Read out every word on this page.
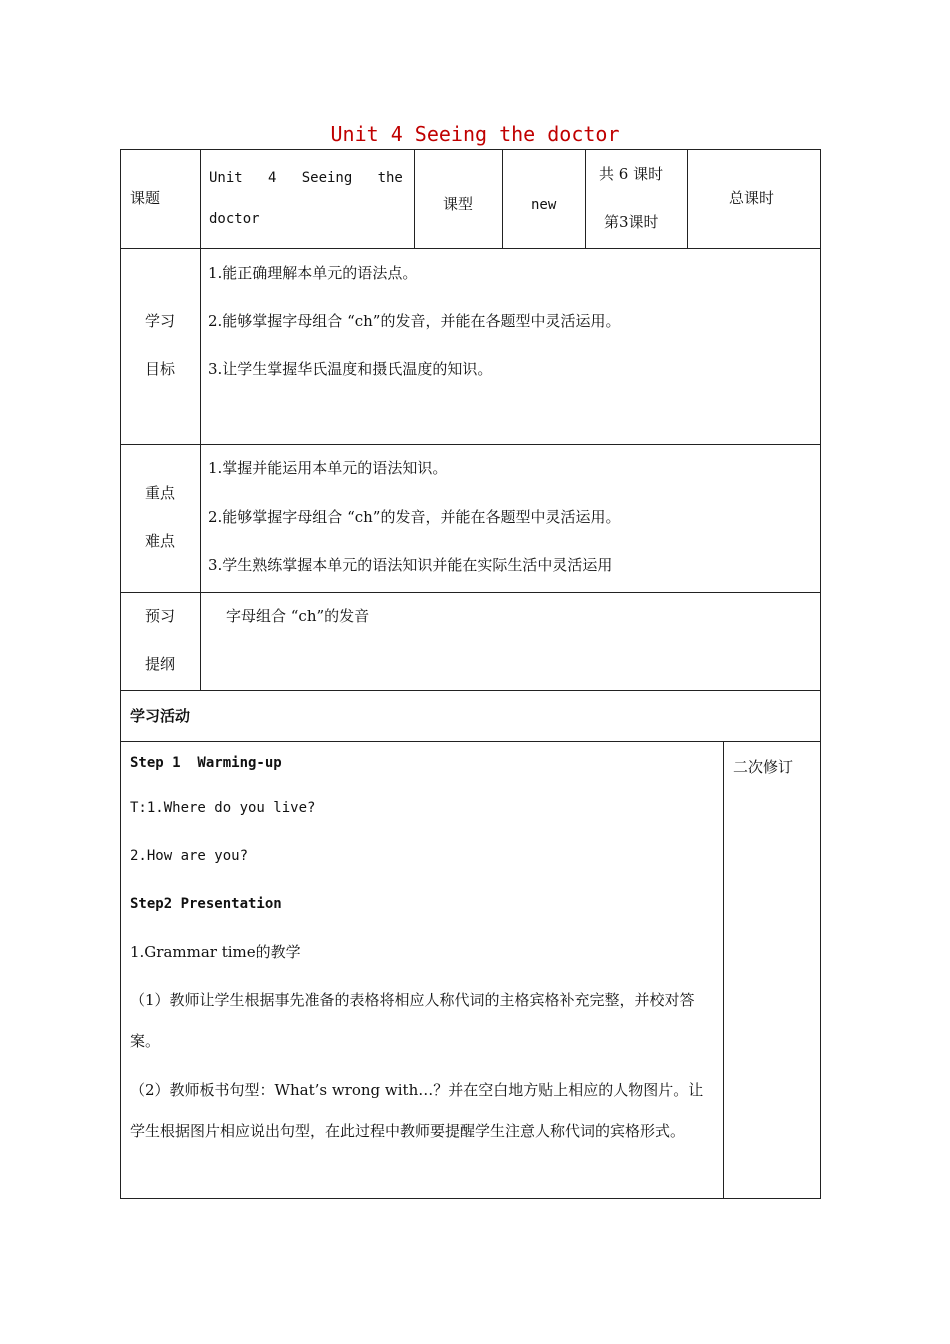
Unit 4 Seeing the doctor
课题
Unit   4   Seeing   the
doctor
课型	new
共 6 课时
第3课时
总课时
学习
目标
1.能正确理解本单元的语法点。
2.能够掌握字母组合 “ch”的发音，并能在各题型中灵活运用。
3.让学生掌握华氏温度和摄氏温度的知识。
重点
难点
1.掌握并能运用本单元的语法知识。
2.能够掌握字母组合 “ch”的发音，并能在各题型中灵活运用。
3.学生熟练掌握本单元的语法知识并能在实际生活中灵活运用
预习
提纲
字母组合 “ch”的发音
学习活动
二次修订
Step 1  Warming-up
T:1.Where do you live?
2.How are you?
Step2 Presentation
1.Grammar time的教学
（1）教师让学生根据事先准备的表格将相应人称代词的主格宾格补充完整，并校对答案。
（2）教师板书句型：What’s wrong with…？并在空白地方贴上相应的人物图片。让学生根据图片相应说出句型，在此过程中教师要提醒学生注意人称代词的宾格形式。
